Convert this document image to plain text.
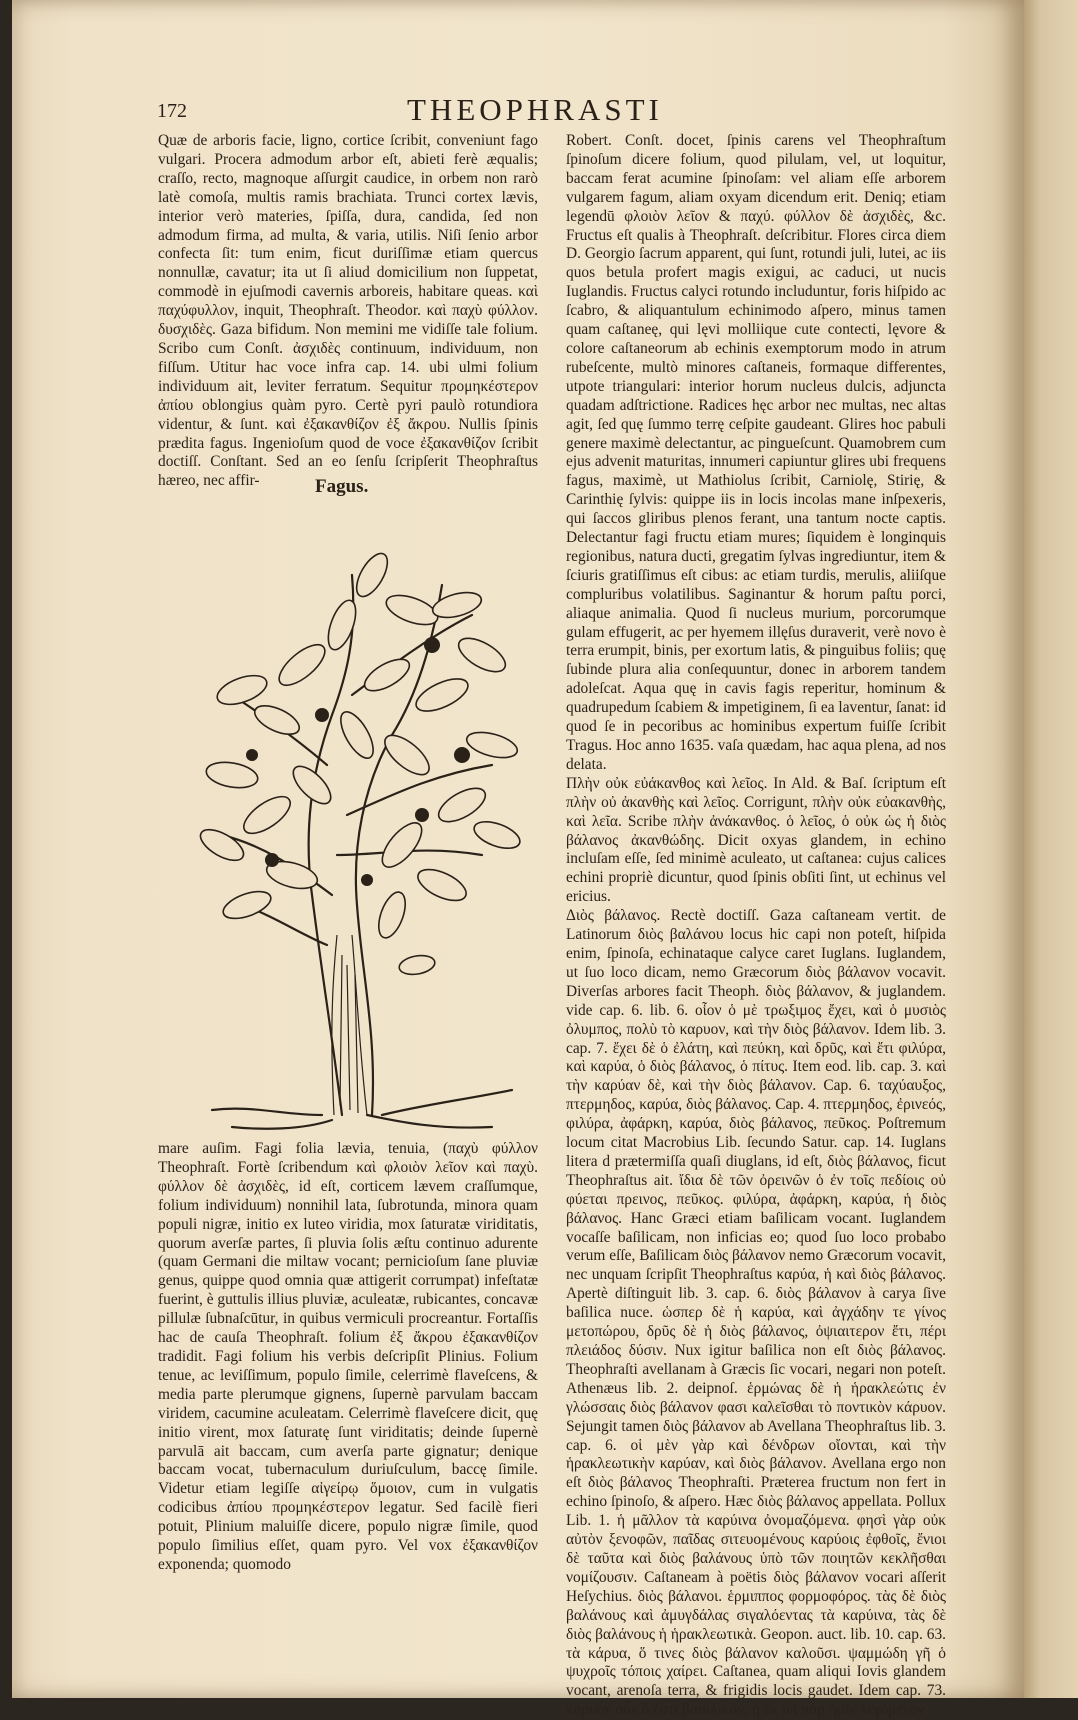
172	THEOPHRASTI

Quæ de arboris facie, ligno, cortice ſcribit, conveniunt fago vulgari. Procera admodum arbor eſt, abieti ferè æqualis; craſſo, recto, magnoque aſſurgit caudice, in orbem non rarò latè comoſa, multis ramis brachiata. Trunci cortex lævis, interior verò materies, ſpiſſa, dura, candida, ſed non admodum firma, ad multa, & varia, utilis. Niſi ſenio arbor confecta ſit: tum enim, ficut duriſſimæ etiam quercus nonnullæ, cavatur; ita ut ſi aliud domicilium non ſuppetat, commodè in ejuſmodi cavernis arboreis, habitare queas. καὶ παχύφυλλον, inquit, Theophraſt. Theodor. καὶ παχὺ φύλλον. δυσχιδὲς. Gaza bifidum. Non memini me vidiſſe tale folium. Scribo cum Conſt. ἀσχιδὲς continuum, individuum, non fiſſum. Utitur hac voce infra cap. 14. ubi ulmi folium individuum ait, leviter ferratum. Sequitur προμηκέστερον ἀπίου oblongius quàm pyro. Certè pyri paulò rotundiora videntur, & ſunt. καὶ ἐξακανθίζον ἐξ ἄκρου. Nullis ſpinis prædita fagus. Ingenioſum quod de voce ἐξακανθίζον ſcribit doctiſſ. Conſtant. Sed an eo ſenſu ſcripſerit Theophraſtus hæreo, nec affir-	Fagus.

mare auſim. Fagi folia lævia, tenuia, (παχὺ φύλλον Theophraſt. Fortè ſcribendum καὶ φλοιὸν λεῖον καὶ παχὺ. φύλλον δὲ ἀσχιδὲς, id eſt, corticem lævem craſſumque, folium individuum) nonnihil lata, ſubrotunda, minora quam populi nigræ, initio ex luteo viridia, mox ſaturatæ viriditatis, quorum averſæ partes, ſi pluvia ſolis æſtu continuo adurente (quam Germani die miltaw vocant; pernicioſum ſane pluviæ genus, quippe quod omnia quæ attigerit corrumpat) infeſtatæ fuerint, è guttulis illius pluviæ, aculeatæ, rubicantes, concavæ pillulæ ſubnaſcūtur, in quibus vermiculi procreantur. Fortaſſis hac de cauſa Theophraſt. folium ἐξ ἄκρου ἐξακανθίζον tradidit. Fagi folium his verbis deſcripſit Plinius. Folium tenue, ac leviſſimum, populo ſimile, celerrimè flaveſcens, & media parte plerumque gignens, ſupernè parvulam baccam viridem, cacumine aculeatam. Celerrimè flaveſcere dicit, quę initio virent, mox ſaturatę ſunt viriditatis; deinde ſupernè parvulā ait baccam, cum averſa parte gignatur; denique baccam vocat, tubernaculum duriuſculum, baccę ſimile. Videtur etiam legiſſe αἰγείρῳ ὅμοιον, cum in vulgatis codicibus ἀπίου προμηκέστερον legatur. Sed facilè fieri potuit, Plinium maluiſſe dicere, populo nigræ ſimile, quod populo ſimilius eſſet, quam pyro. Vel vox ἐξακανθίζον exponenda; quomodo

Robert. Conſt. docet, ſpinis carens vel Theophraſtum ſpinoſum dicere folium, quod pilulam, vel, ut loquitur, baccam ferat acumine ſpinoſam: vel aliam eſſe arborem vulgarem fagum, aliam oxyam dicendum erit. Deniq; etiam legendū φλοιὸν λεῖον & παχύ. φύλλον δὲ ἀσχιδὲς, &c. Fructus eſt qualis à Theophraſt. deſcribitur. Flores circa diem D. Georgio ſacrum apparent, qui ſunt, rotundi juli, lutei, ac iis quos betula profert magis exigui, ac caduci, ut nucis Iuglandis. Fructus calyci rotundo includuntur, foris hiſpido ac ſcabro, & aliquantulum echinimodo aſpero, minus tamen quam caſtaneę, qui lęvi molliique cute contecti, lęvore & colore caſtaneorum ab echinis exemptorum modo in atrum rubeſcente, multò minores caſtaneis, formaque differentes, utpote triangulari: interior horum nucleus dulcis, adjuncta quadam adſtrictione. Radices hęc arbor nec multas, nec altas agit, ſed quę ſummo terrę ceſpite gaudeant. Glires hoc pabuli genere maximè delectantur, ac pingueſcunt. Quamobrem cum ejus advenit maturitas, innumeri capiuntur glires ubi frequens fagus, maximè, ut Mathiolus ſcribit, Carniolę, Stirię, & Carinthię ſylvis: quippe iis in locis incolas mane inſpexeris, qui ſaccos gliribus plenos ferant, una tantum nocte captis. Delectantur fagi fructu etiam mures; ſiquidem è longinquis regionibus, natura ducti, gregatim ſylvas ingrediuntur, item & ſciuris gratiſſimus eſt cibus: ac etiam turdis, merulis, aliiſque compluribus volatilibus. Saginantur & horum paſtu porci, aliaque animalia. Quod ſi nucleus murium, porcorumque gulam effugerit, ac per hyemem illęſus duraverit, verè novo è terra erumpit, binis, per exortum latis, & pinguibus foliis; quę ſubinde plura alia conſequuntur, donec in arborem tandem adoleſcat. Aqua quę in cavis fagis reperitur, hominum & quadrupedum ſcabiem & impetiginem, ſi ea laventur, ſanat: id quod ſe in pecoribus ac hominibus expertum fuiſſe ſcribit Tragus. Hoc anno 1635. vaſa quædam, hac aqua plena, ad nos delata.

Πλὴν οὐκ εὐάκανθος καὶ λεῖος. In Ald. & Baſ. ſcriptum eſt πλὴν οὐ ἀκανθὴς καὶ λεῖος. Corrigunt, πλὴν οὐκ εὐακανθὴς, καὶ λεῖα. Scribe πλὴν ἀνάκανθος. ὁ λεῖος, ὁ οὐκ ὡς ἡ διὸς βάλανος ἀκανθώδης. Dicit oxyas glandem, in echino incluſam eſſe, ſed minimè aculeato, ut caſtanea: cujus calices echini propriè dicuntur, quod ſpinis obſiti ſint, ut echinus vel ericius.

Διὸς βάλανος. Rectè doctiſſ. Gaza caſtaneam vertit. de Latinorum διὸς βαλάνου locus hic capi non poteſt, hiſpida enim, ſpinoſa, echinataque calyce caret Iuglans. Iuglandem, ut ſuo loco dicam, nemo Græcorum διὸς βάλανον vocavit. Diverſas arbores facit Theoph. διὸς βάλανον, & juglandem. vide cap. 6. lib. 6. οἷον ὁ μὲ τρωξιμος ἔχει, καὶ ὁ μυσιὸς ὀλυμπος, πολὺ τὸ καρυον, καὶ τὴν διὸς βάλανον. Idem lib. 3. cap. 7. ἔχει δὲ ὁ ἐλάτη, καὶ πεύκη, καὶ δρῦς, καὶ ἔτι φιλύρα, καὶ καρύα, ὁ διὸς βάλανος, ὁ πίτυς. Item eod. lib. cap. 3. καὶ τὴν καρύαν δὲ, καὶ τὴν διὸς βάλανον. Cap. 6. ταχύαυξος, πτερμηδος, καρύα, διὸς βάλανος. Cap. 4. πτερμηδος, ἐρινεός, φιλύρα, ἀφάρκη, καρύα, διὸς βάλανος, πεῦκος. Poſtremum locum citat Macrobius Lib. ſecundo Satur. cap. 14. Iuglans litera d prætermiſſa quaſi diuglans, id eſt, διὸς βάλανος, ficut Theophraſtus ait. ἴδια δὲ τῶν ὀρεινῶν ὁ ἐν τοῖς πεδίοις οὐ φύεται πρεινος, πεῦκος. φιλύρα, ἀφάρκη, καρύα, ἡ διὸς βάλανος. Hanc Græci etiam baſilicam vocant. Iuglandem vocaſſe baſilicam, non inficias eo; quod ſuo loco probabo verum eſſe, Baſilicam διὸς βάλανον nemo Græcorum vocavit, nec unquam ſcripſit Theophraſtus καρύα, ἡ καὶ διὸς βάλανος. Apertè diſtinguit lib. 3. cap. 6. διὸς βάλανον à carya ſive baſilica nuce. ὡσπερ δὲ ἡ καρύα, καὶ ἀγχάδην τε γίνος μετοπώρου, δρῦς δὲ ἡ διὸς βάλανος, ὀψιαιτερον ἔτι, πέρι πλειάδος δύσιν. Nux igitur baſilica non eſt διὸς βάλανος. Theophraſti avellanam à Græcis ſic vocari, negari non poteſt. Athenæus lib. 2. deipnoſ. ἑρμώνας δὲ ἡ ἡρακλεώτις ἐν γλώσσαις διὸς βάλανον φασι καλεῖσθαι τὸ ποντικὸν κάρυον. Sejungit tamen διὸς βάλανον ab Avellana Theophraſtus lib. 3. cap. 6. οἱ μὲν γὰρ καὶ δένδρων οἴονται, καὶ τὴν ἡρακλεωτικὴν καρύαν, καὶ διὸς βάλανον. Avellana ergo non eſt διὸς βάλανος Theophraſti. Præterea fructum non fert in echino ſpinoſo, & aſpero. Hæc διὸς βάλανος appellata. Pollux Lib. 1. ἡ μᾶλλον τὰ καρύινα ὀνομαζόμενα. φησὶ γὰρ οὐκ αὐτὸν ξενοφῶν, παῖδας σιτευομένους καρύοις ἐφθοῖς, ἔνιοι δὲ ταῦτα καὶ διὸς βαλάνους ὑπὸ τῶν ποιητῶν κεκλῆσθαι νομίζουσιν. Caſtaneam à poëtis διὸς βάλανον vocari aſſerit Heſychius. διὸς βάλανοι. ἑρμιππος φορμοφόρος. τὰς δὲ διὸς βαλάνους καὶ ἀμυγδάλας σιγαλόεντας τὰ καρύινα, τὰς δὲ διὸς βαλάνους ἡ ἡρακλεωτικὰ. Geopon. auct. lib. 10. cap. 63. τὰ κάρυα, ὅ τινες διὸς βάλανον καλοῦσι. ψαμμώδη γῆ ὁ ψυχροῖς τόποις χαίρει. Caſtanea, quam aliqui Iovis glandem vocant, arenoſa terra, & frigidis locis gaudet. Idem cap. 73. κάρυον οὖν ὃ ἐστι βασιλικὸν, ἡ ἐκ ὑπ πάρ ἡμῖν λεγόμενον
